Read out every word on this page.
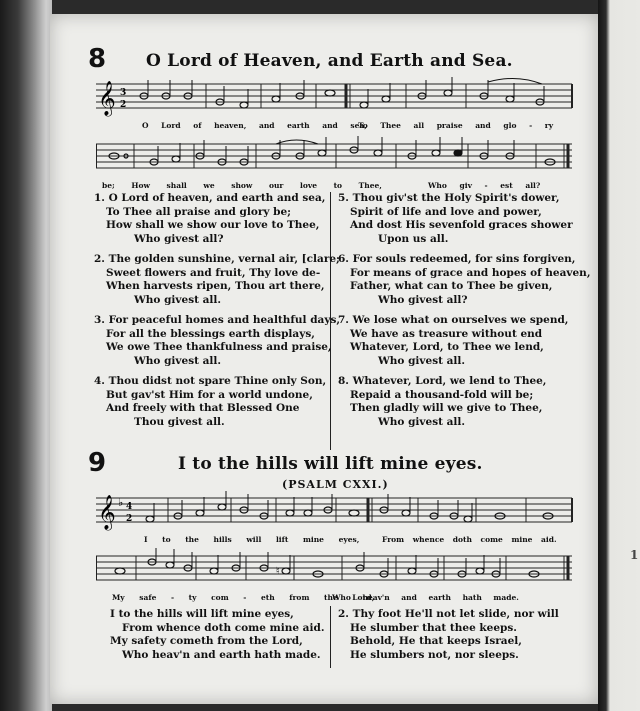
1
8 O Lord of Heaven, and Earth and Sea.
𝄞 3
2
O Lord of heaven, and earth and sea,
To Thee all praise and glo - ry
be; How shall we show our love to Thee,	Who giv - est all?
1. O Lord of heaven, and earth and sea,
To Thee all praise and glory be;
How shall we show our love to Thee,
Who givest all?
2. The golden sunshine, vernal air, [clare;
Sweet flowers and fruit, Thy love de-
When harvests ripen, Thou art there,
Who givest all.
3. For peaceful homes and healthful days,
For all the blessings earth displays,
We owe Thee thankfulness and praise,
Who givest all.
4. Thou didst not spare Thine only Son,
But gav'st Him for a world undone,
And freely with that Blessed One
Thou givest all.
5. Thou giv'st the Holy Spirit's dower,
Spirit of life and love and power,
And dost His sevenfold graces shower
Upon us all.
6. For souls redeemed, for sins forgiven,
For means of grace and hopes of heaven,
Father, what can to Thee be given,
Who givest all?
7. We lose what on ourselves we spend,
We have as treasure without end
Whatever, Lord, to Thee we lend,
Who givest all.
8. Whatever, Lord, we lend to Thee,
Repaid a thousand-fold will be;
Then gladly will we give to Thee,
Who givest all.
9	I to the hills will lift mine eyes.
(PSALM CXXI.)
𝄞 ♭ 4
2
I to the hills will lift mine eyes,	From whence doth come mine aid.
♮
My safe - ty com - eth from the Lord,
Who heav'n and earth hath made.
I to the hills will lift mine eyes,
From whence doth come mine aid.
My safety cometh from the Lord,
Who heav'n and earth hath made.
2. Thy foot He'll not let slide, nor will
He slumber that thee keeps.
Behold, He that keeps Israel,
He slumbers not, nor sleeps.
